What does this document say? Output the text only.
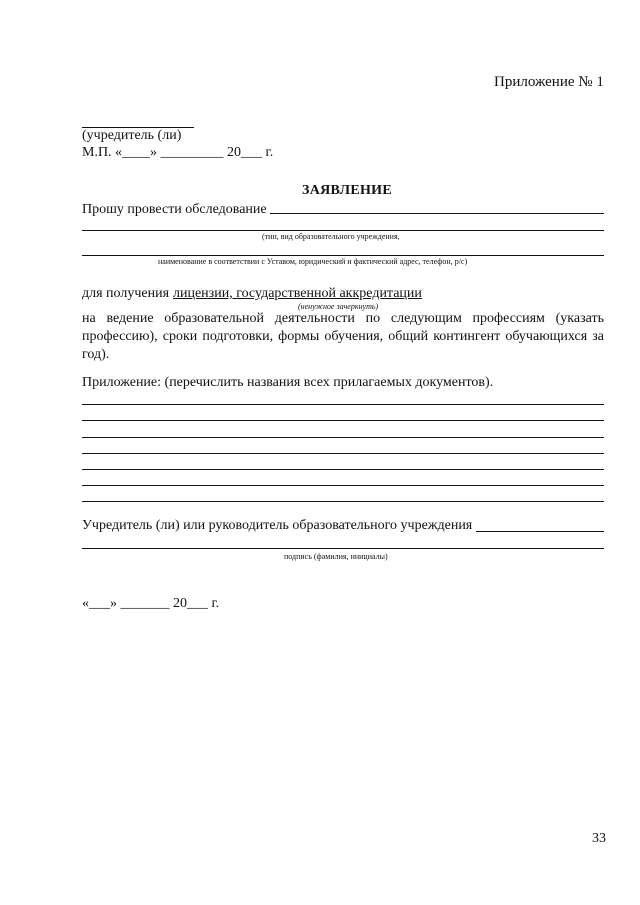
Приложение № 1
(учредитель (ли)
М.П. «____» _________ 20___ г.
ЗАЯВЛЕНИЕ
Прошу провести обследование
(тип, вид образовательного учреждения,
наименование в соответствии с Уставом, юридический и фактический адрес, телефон, р/с)
для получения лицензии, государственной аккредитации
(ненужное зачеркнуть)
на ведение образовательной деятельности по следующим профессиям (указать профессию), сроки подготовки, формы обучения, общий контингент обучающихся за год).
Приложение: (перечислить названия всех прилагаемых документов).
Учредитель (ли) или руководитель образовательного учреждения
подпись (фамилия, инициалы)
«___» _______ 20___ г.
33
